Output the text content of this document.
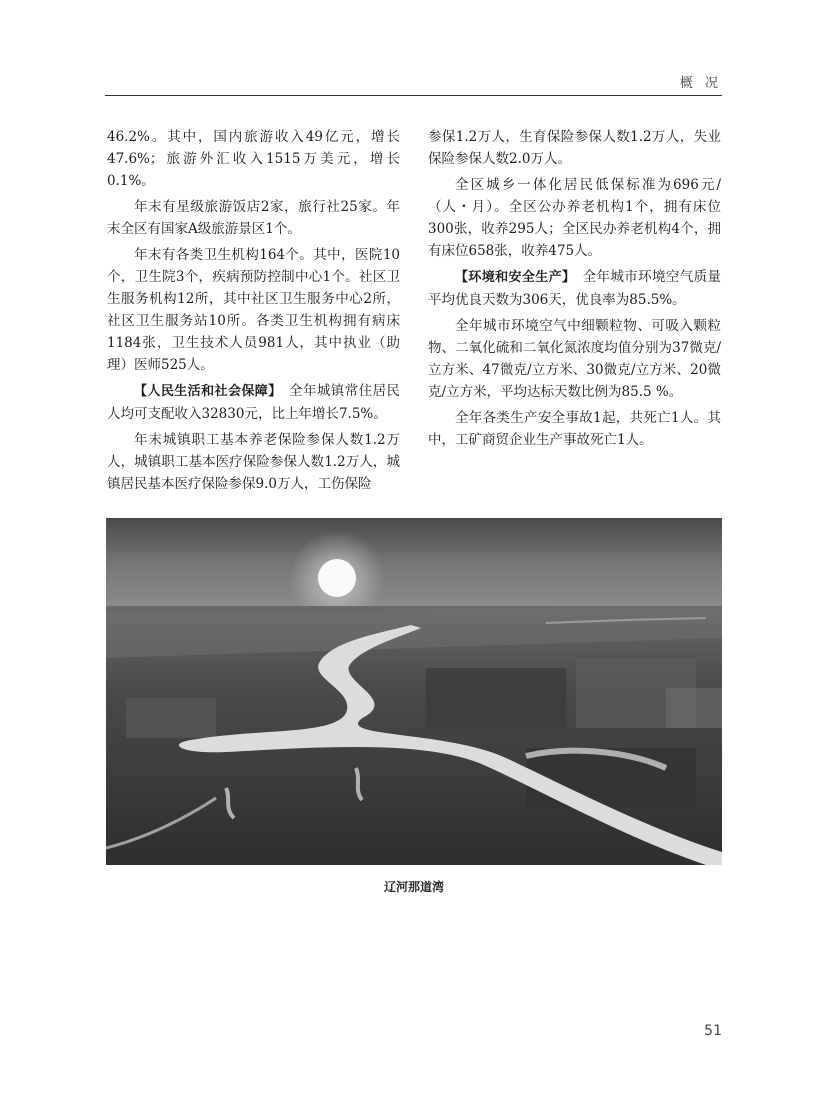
概 况

46.2%。其中，国内旅游收入49亿元，增长47.6%；旅游外汇收入1515万美元，增长0.1%。

年末有星级旅游饭店2家，旅行社25家。年末全区有国家A级旅游景区1个。

年末有各类卫生机构164个。其中，医院10个，卫生院3个，疾病预防控制中心1个。社区卫生服务机构12所，其中社区卫生服务中心2所，社区卫生服务站10所。各类卫生机构拥有病床1184张，卫生技术人员981人，其中执业（助理）医师525人。

【人民生活和社会保障】　 全年城镇常住居民人均可支配收入32830元，比上年增长7.5%。

年末城镇职工基本养老保险参保人数1.2万人，城镇职工基本医疗保险参保人数1.2万人，城镇居民基本医疗保险参保9.0万人，工伤保险

参保1.2万人，生育保险参保人数1.2万人，失业保险参保人数2.0万人。

全区城乡一体化居民低保标准为696元/（人・月）。全区公办养老机构1个，拥有床位300张，收养295人；全区民办养老机构4个，拥有床位658张，收养475人。

【环境和安全生产】　 全年城市环境空气质量平均优良天数为306天，优良率为85.5%。

全年城市环境空气中细颗粒物、可吸入颗粒物、二氧化硫和二氧化氮浓度均值分别为37微克/立方米、47微克/立方米、30微克/立方米、20微克/立方米，平均达标天数比例为85.5 %。

全年各类生产安全事故1起，共死亡1人。其中，工矿商贸企业生产事故死亡1人。

辽河那道湾
51
